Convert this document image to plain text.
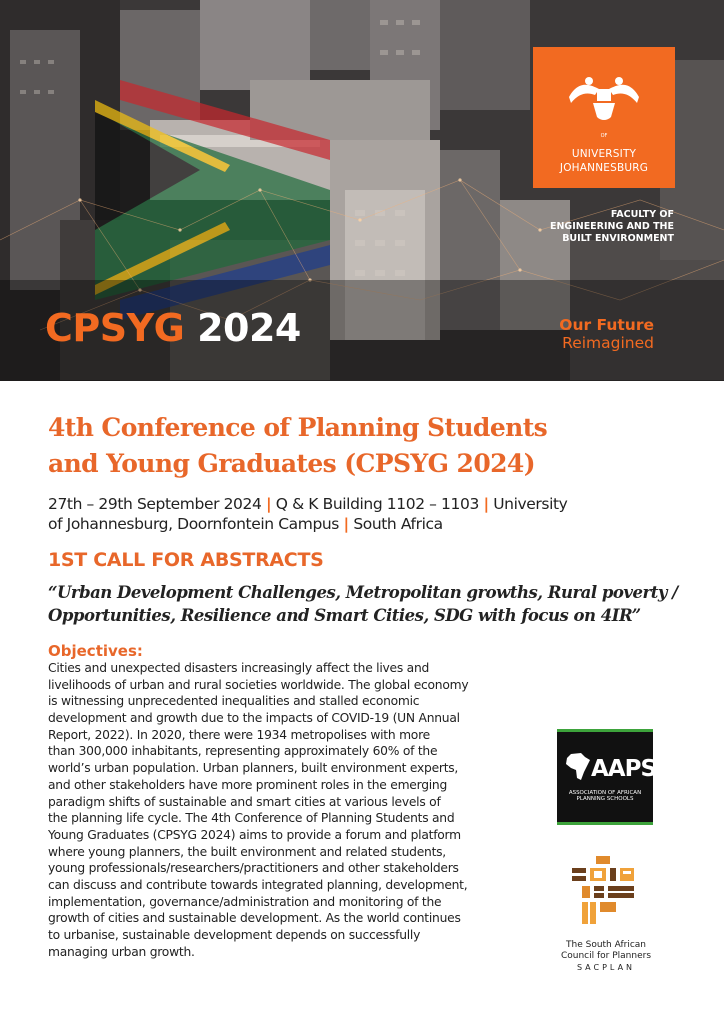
OF
UNIVERSITY
JOHANNESBURG
FACULTY OF
ENGINEERING AND THE
BUILT ENVIRONMENT
CPSYG 2024	Our Future
Reimagined
4th Conference of Planning Students
and Young Graduates (CPSYG 2024)
27th – 29th September 2024 | Q & K Building 1102 – 1103 | University
of Johannesburg, Doornfontein Campus | South Africa
1ST CALL FOR ABSTRACTS
“Urban Development Challenges, Metropolitan growths, Rural poverty /
Opportunities, Resilience and Smart Cities, SDG with focus on 4IR”
Objectives:
Cities and unexpected disasters increasingly affect the lives and
livelihoods of urban and rural societies worldwide. The global economy
is witnessing unprecedented inequalities and stalled economic
development and growth due to the impacts of COVID-19 (UN Annual
Report, 2022). In 2020, there were 1934 metropolises with more
than 300,000 inhabitants, representing approximately 60% of the
world’s urban population. Urban planners, built environment experts,
and other stakeholders have more prominent roles in the emerging
paradigm shifts of sustainable and smart cities at various levels of
the planning life cycle. The 4th Conference of Planning Students and
Young Graduates (CPSYG 2024) aims to provide a forum and platform
where young planners, the built environment and related students,
young professionals/researchers/practitioners and other stakeholders
can discuss and contribute towards integrated planning, development,
implementation, governance/administration and monitoring of the
growth of cities and sustainable development. As the world continues
to urbanise, sustainable development depends on successfully
managing urban growth.
AAPS
ASSOCIATION OF AFRICAN
PLANNING SCHOOLS
The South African
Council for Planners
SACPLAN
